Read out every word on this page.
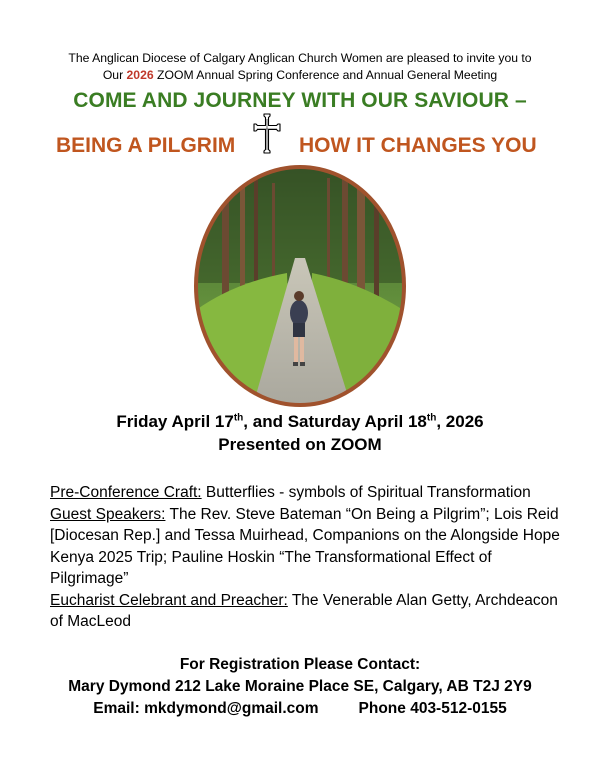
The Anglican Diocese of Calgary Anglican Church Women are pleased to invite you to
Our 2026 ZOOM Annual Spring Conference and Annual General Meeting
COME AND JOURNEY WITH OUR SAVIOUR –
BEING A PILGRIM	HOW IT CHANGES YOU
Friday April 17th, and Saturday April 18th, 2026
Presented on ZOOM
Pre-Conference Craft: Butterflies - symbols of Spiritual Transformation
Guest Speakers: The Rev. Steve Bateman “On Being a Pilgrim”; Lois Reid [Diocesan Rep.] and Tessa Muirhead, Companions on the Alongside Hope Kenya 2025 Trip; Pauline Hoskin “The Transformational Effect of Pilgrimage”
Eucharist Celebrant and Preacher: The Venerable Alan Getty, Archdeacon of MacLeod
For Registration Please Contact:
Mary Dymond 212 Lake Moraine Place SE, Calgary, AB T2J 2Y9
Email: mkdymond@gmail.com	Phone 403-512-0155
